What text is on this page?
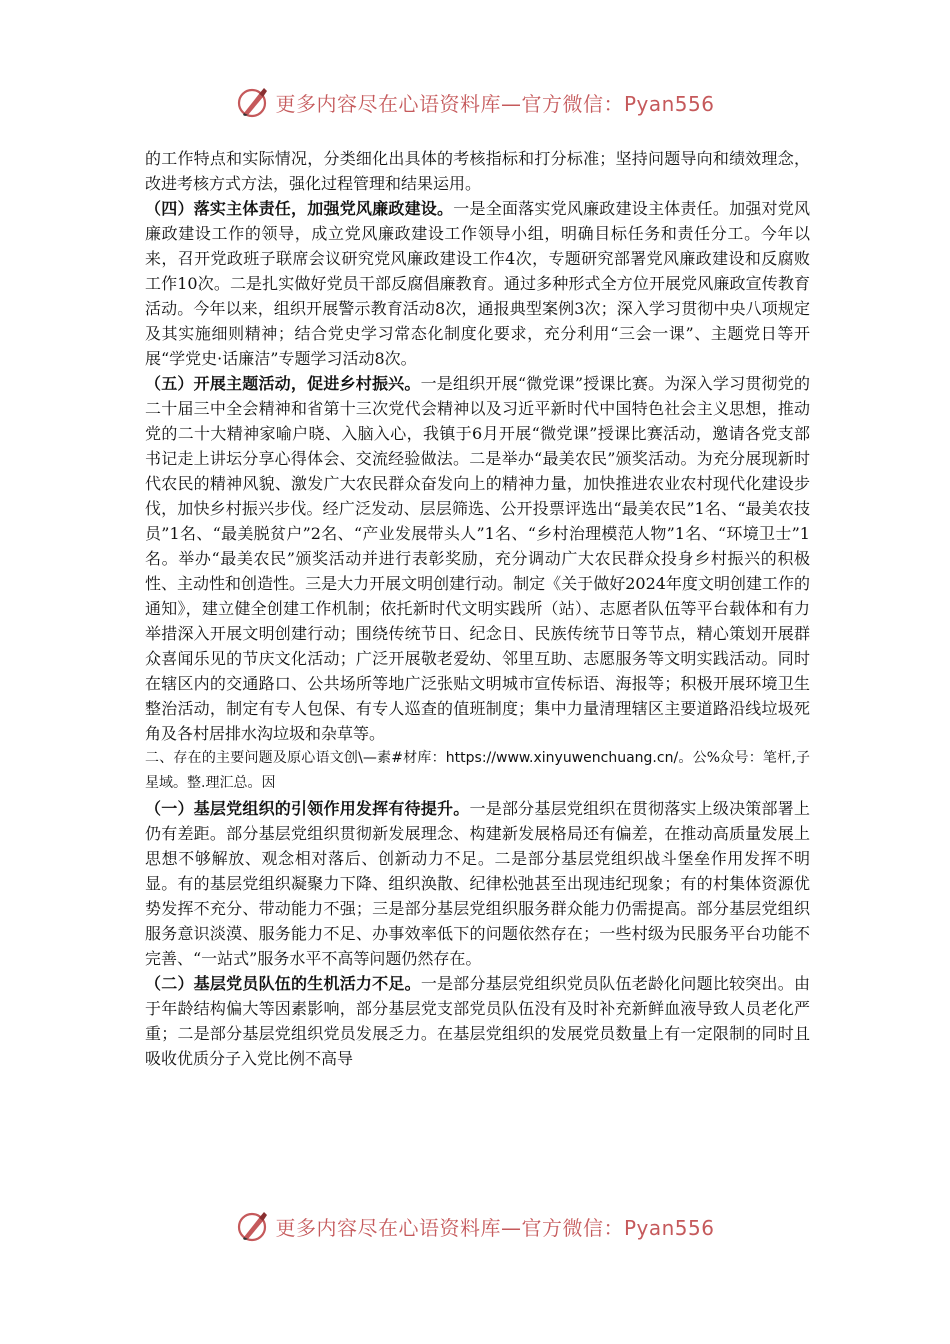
更多内容尽在心语资料库—官方微信：Pyan556

的工作特点和实际情况，分类细化出具体的考核指标和打分标准；坚持问题导向和绩效理念，改进考核方式方法，强化过程管理和结果运用。

（四）落实主体责任，加强党风廉政建设。一是全面落实党风廉政建设主体责任。加强对党风廉政建设工作的领导，成立党风廉政建设工作领导小组，明确目标任务和责任分工。今年以来，召开党政班子联席会议研究党风廉政建设工作4次，专题研究部署党风廉政建设和反腐败工作10次。二是扎实做好党员干部反腐倡廉教育。通过多种形式全方位开展党风廉政宣传教育活动。今年以来，组织开展警示教育活动8次，通报典型案例3次；深入学习贯彻中央八项规定及其实施细则精神；结合党史学习常态化制度化要求，充分利用“三会一课”、主题党日等开展“学党史·话廉洁”专题学习活动8次。

（五）开展主题活动，促进乡村振兴。一是组织开展“微党课”授课比赛。为深入学习贯彻党的二十届三中全会精神和省第十三次党代会精神以及习近平新时代中国特色社会主义思想，推动党的二十大精神家喻户晓、入脑入心，我镇于6月开展“微党课”授课比赛活动，邀请各党支部书记走上讲坛分享心得体会、交流经验做法。二是举办“最美农民”颁奖活动。为充分展现新时代农民的精神风貌、激发广大农民群众奋发向上的精神力量，加快推进农业农村现代化建设步伐，加快乡村振兴步伐。经广泛发动、层层筛选、公开投票评选出“最美农民”1名、“最美农技员”1名、“最美脱贫户”2名、“产业发展带头人”1名、“乡村治理模范人物”1名、“环境卫士”1名。举办“最美农民”颁奖活动并进行表彰奖励，充分调动广大农民群众投身乡村振兴的积极性、主动性和创造性。三是大力开展文明创建行动。制定《关于做好2024年度文明创建工作的通知》，建立健全创建工作机制；依托新时代文明实践所（站）、志愿者队伍等平台载体和有力举措深入开展文明创建行动；围绕传统节日、纪念日、民族传统节日等节点，精心策划开展群众喜闻乐见的节庆文化活动；广泛开展敬老爱幼、邻里互助、志愿服务等文明实践活动。同时在辖区内的交通路口、公共场所等地广泛张贴文明城市宣传标语、海报等；积极开展环境卫生整治活动，制定有专人包保、有专人巡查的值班制度；集中力量清理辖区主要道路沿线垃圾死角及各村居排水沟垃圾和杂草等。

二、存在的主要问题及原心语文创\—素#材库：https://www.xinyuwenchuang.cn/。公%众号：笔杆,子星域。整.理汇总。因

（一）基层党组织的引领作用发挥有待提升。一是部分基层党组织在贯彻落实上级决策部署上仍有差距。部分基层党组织贯彻新发展理念、构建新发展格局还有偏差，在推动高质量发展上思想不够解放、观念相对落后、创新动力不足。二是部分基层党组织战斗堡垒作用发挥不明显。有的基层党组织凝聚力下降、组织涣散、纪律松弛甚至出现违纪现象；有的村集体资源优势发挥不充分、带动能力不强；三是部分基层党组织服务群众能力仍需提高。部分基层党组织服务意识淡漠、服务能力不足、办事效率低下的问题依然存在；一些村级为民服务平台功能不完善、“一站式”服务水平不高等问题仍然存在。

（二）基层党员队伍的生机活力不足。一是部分基层党组织党员队伍老龄化问题比较突出。由于年龄结构偏大等因素影响，部分基层党支部党员队伍没有及时补充新鲜血液导致人员老化严重；二是部分基层党组织党员发展乏力。在基层党组织的发展党员数量上有一定限制的同时且吸收优质分子入党比例不高导

更多内容尽在心语资料库—官方微信：Pyan556
